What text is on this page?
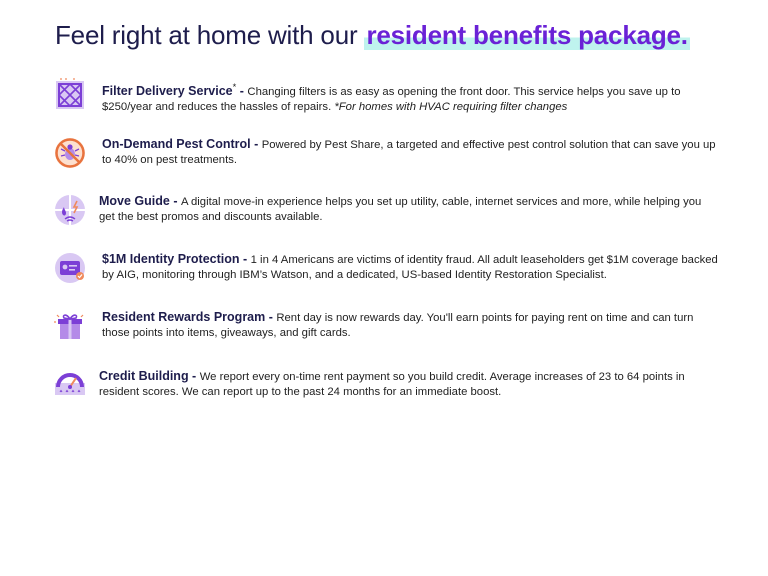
Feel right at home with our resident benefits package.
Filter Delivery Service* - Changing filters is as easy as opening the front door. This service helps you save up to $250/year and reduces the hassles of repairs. *For homes with HVAC requiring filter changes
On-Demand Pest Control - Powered by Pest Share, a targeted and effective pest control solution that can save you up to 40% on pest treatments.
Move Guide - A digital move-in experience helps you set up utility, cable, internet services and more, while helping you get the best promos and discounts available.
$1M Identity Protection - 1 in 4 Americans are victims of identity fraud. All adult leaseholders get $1M coverage backed by AIG, monitoring through IBM’s Watson, and a dedicated, US-based Identity Restoration Specialist.
Resident Rewards Program - Rent day is now rewards day. You'll earn points for paying rent on time and can turn those points into items, giveaways, and gift cards.
Credit Building - We report every on-time rent payment so you build credit. Average increases of 23 to 64 points in resident scores. We can report up to the past 24 months for an immediate boost.
